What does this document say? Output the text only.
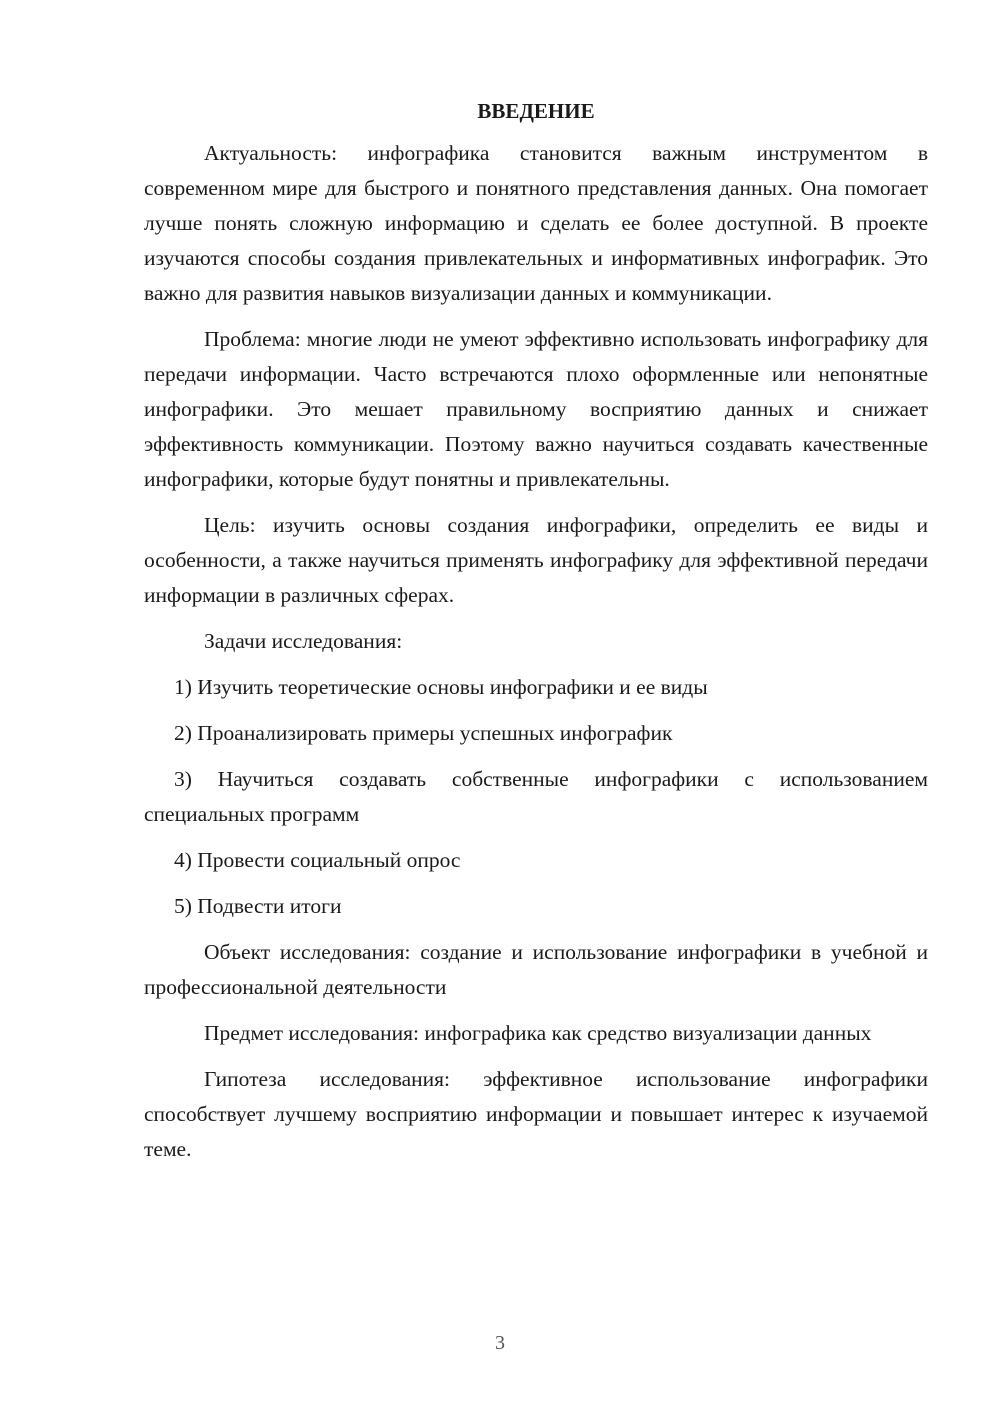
ВВЕДЕНИЕ

Актуальность: инфографика становится важным инструментом в современном мире для быстрого и понятного представления данных. Она помогает лучше понять сложную информацию и сделать ее более доступной. В проекте изучаются способы создания привлекательных и информативных инфографик. Это важно для развития навыков визуализации данных и коммуникации.

Проблема: многие люди не умеют эффективно использовать инфографику для передачи информации. Часто встречаются плохо оформленные или непонятные инфографики. Это мешает правильному восприятию данных и снижает эффективность коммуникации. Поэтому важно научиться создавать качественные инфографики, которые будут понятны и привлекательны.

Цель: изучить основы создания инфографики, определить ее виды и особенности, а также научиться применять инфографику для эффективной передачи информации в различных сферах.

Задачи исследования:

1) Изучить теоретические основы инфографики и ее виды

2) Проанализировать примеры успешных инфографик

3) Научиться создавать собственные инфографики с использованием специальных программ

4) Провести социальный опрос

5) Подвести итоги

Объект исследования: создание и использование инфографики в учебной и профессиональной деятельности

Предмет исследования: инфографика как средство визуализации данных

Гипотеза исследования: эффективное использование инфографики способствует лучшему восприятию информации и повышает интерес к изучаемой теме.

3
